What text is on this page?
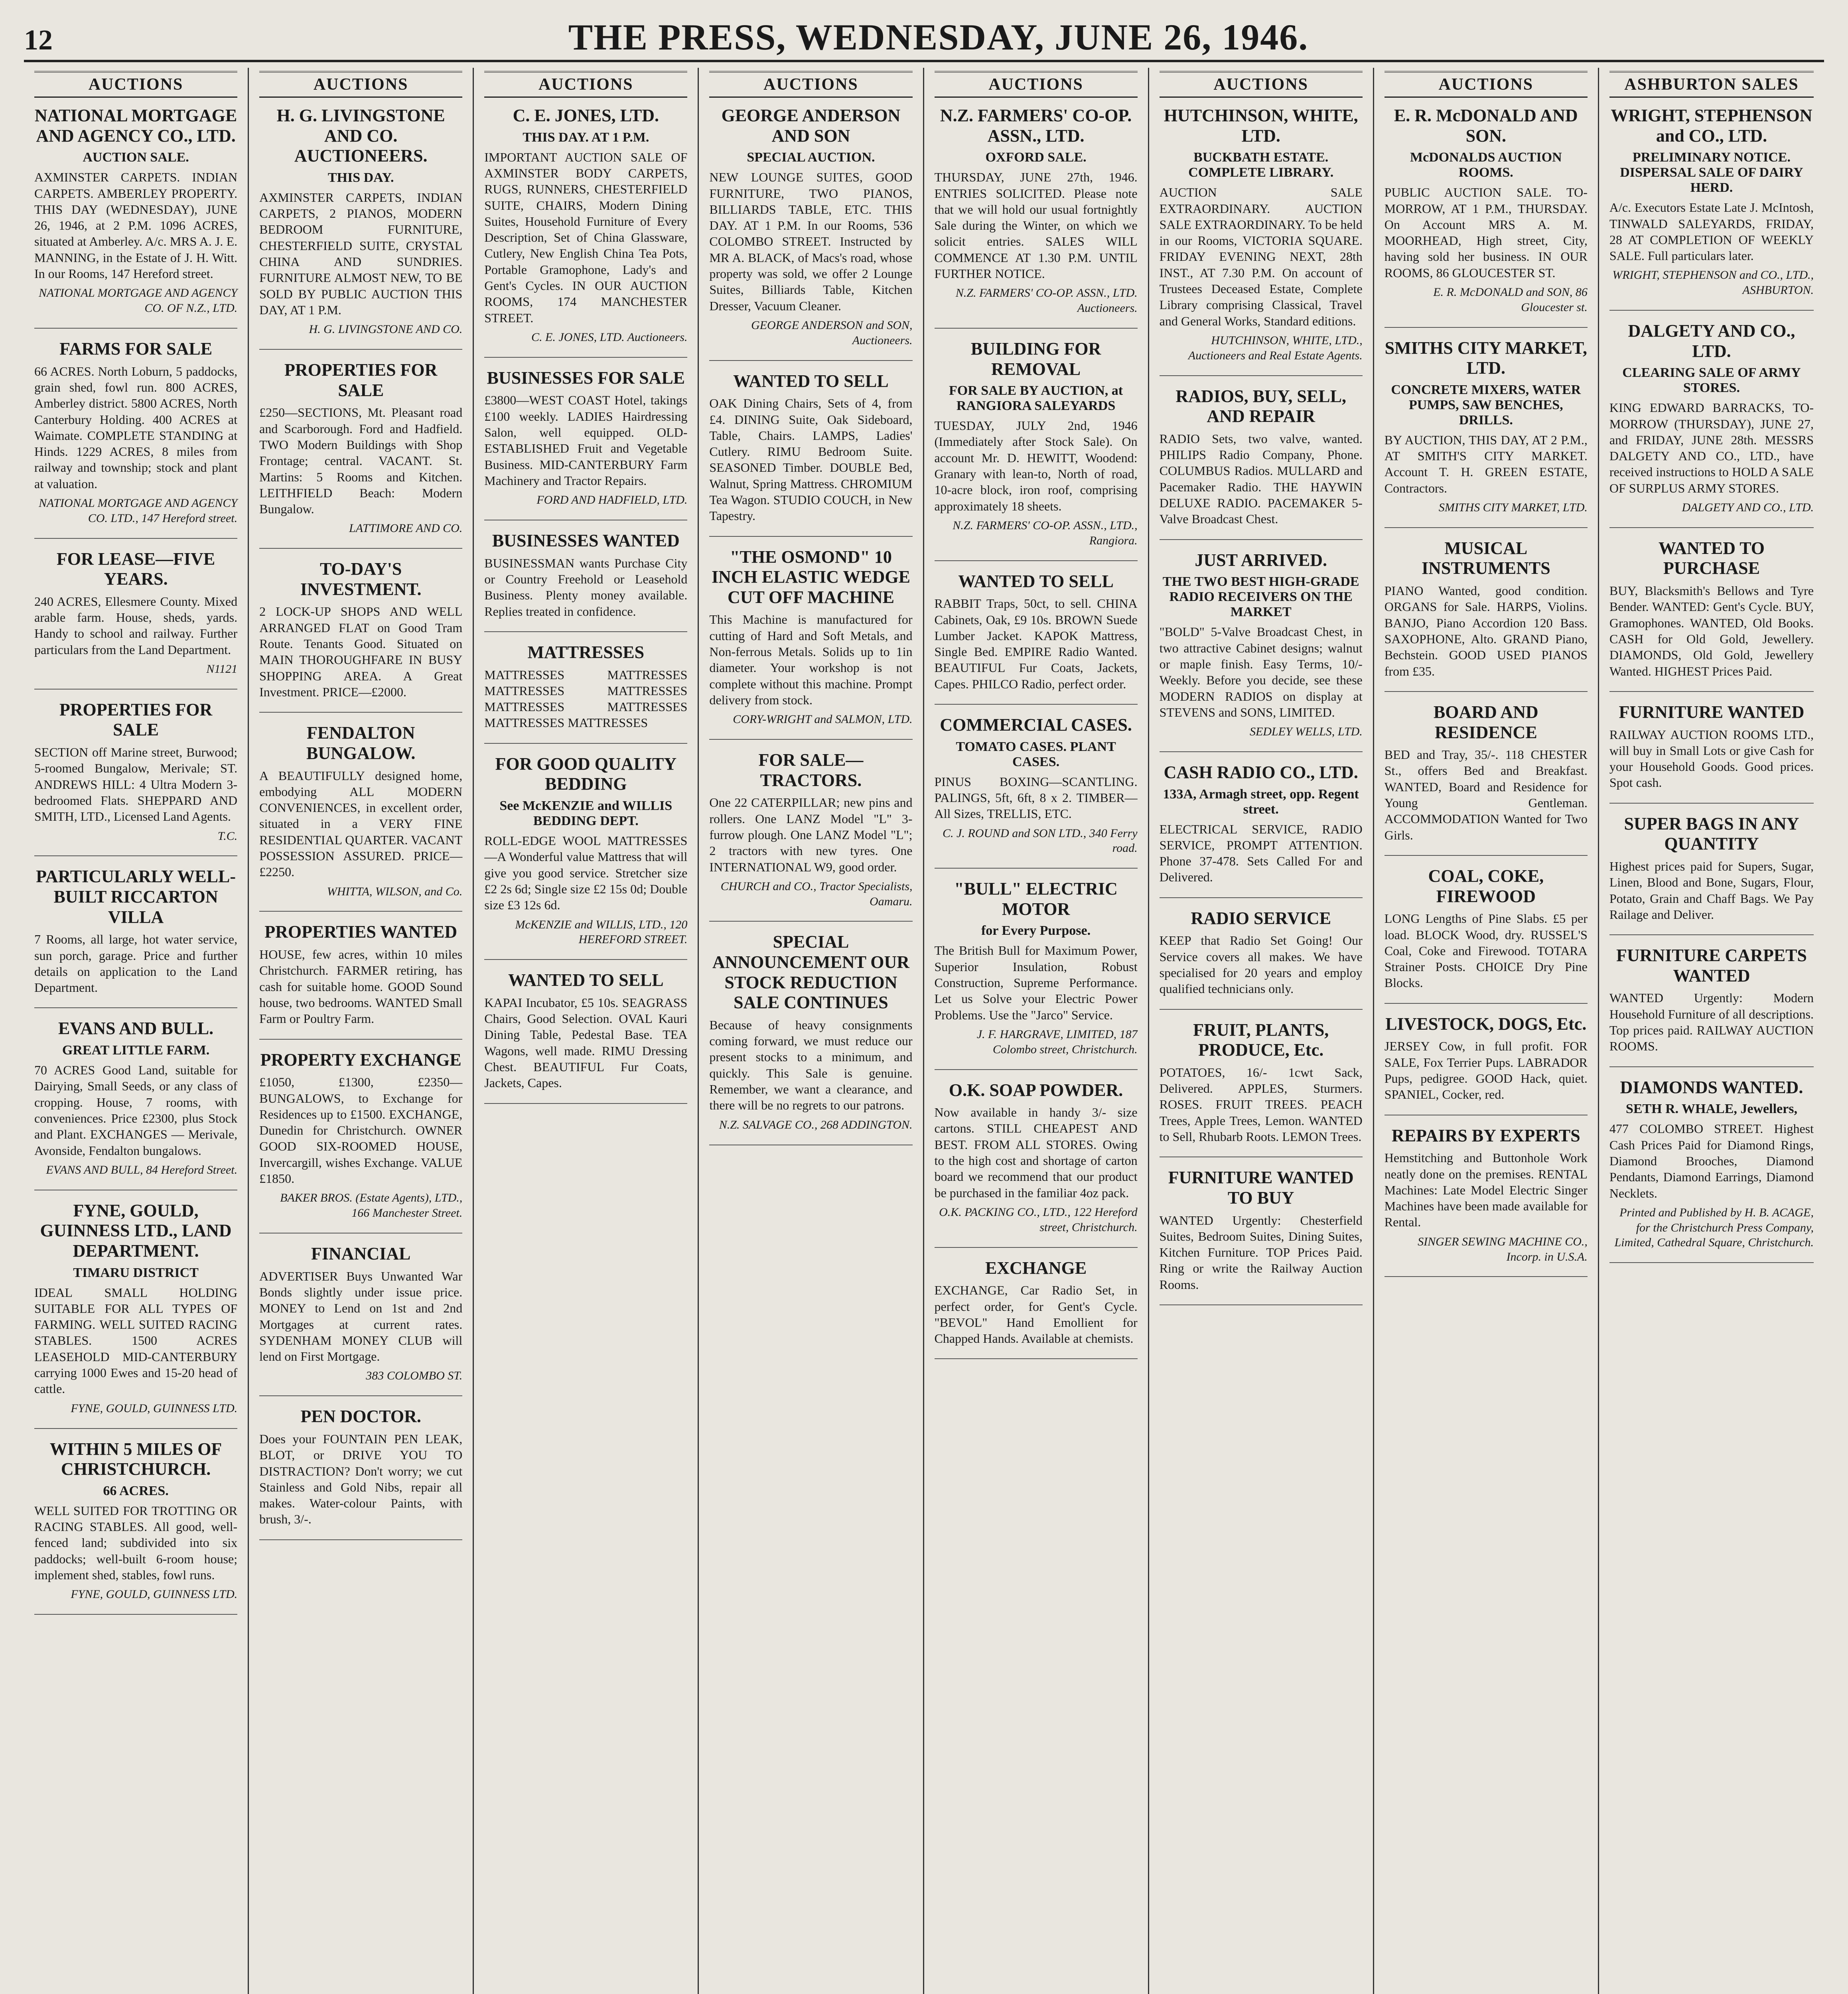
12	THE PRESS, WEDNESDAY, JUNE 26, 1946.
AUCTIONS
NATIONAL MORTGAGE AND AGENCY CO., LTD.
AUCTION SALE.

AXMINSTER CARPETS. INDIAN CARPETS. AMBERLEY PROPERTY. THIS DAY (WEDNESDAY), JUNE 26, 1946, at 2 P.M. 1096 ACRES, situated at Amberley. A/c. MRS A. J. E. MANNING, in the Estate of J. H. Witt. In our Rooms, 147 Hereford street.

NATIONAL MORTGAGE AND AGENCY CO. OF N.Z., LTD.

FARMS FOR SALE

66 ACRES. North Loburn, 5 paddocks, grain shed, fowl run. 800 ACRES, Amberley district. 5800 ACRES, North Canterbury Holding. 400 ACRES at Waimate. COMPLETE STANDING at Hinds. 1229 ACRES, 8 miles from railway and township; stock and plant at valuation.

NATIONAL MORTGAGE AND AGENCY CO. LTD., 147 Hereford street.

FOR LEASE—FIVE YEARS.

240 ACRES, Ellesmere County. Mixed arable farm. House, sheds, yards. Handy to school and railway. Further particulars from the Land Department.

N1121

PROPERTIES FOR SALE

SECTION off Marine street, Burwood; 5-roomed Bungalow, Merivale; ST. ANDREWS HILL: 4 Ultra Modern 3-bedroomed Flats. SHEPPARD AND SMITH, LTD., Licensed Land Agents.

T.C.

PARTICULARLY WELL-BUILT RICCARTON VILLA

7 Rooms, all large, hot water service, sun porch, garage. Price and further details on application to the Land Department.

EVANS AND BULL.
GREAT LITTLE FARM.

70 ACRES Good Land, suitable for Dairying, Small Seeds, or any class of cropping. House, 7 rooms, with conveniences. Price £2300, plus Stock and Plant. EXCHANGES — Merivale, Avonside, Fendalton bungalows.

EVANS AND BULL, 84 Hereford Street.

FYNE, GOULD, GUINNESS LTD., LAND DEPARTMENT.
TIMARU DISTRICT

IDEAL SMALL HOLDING SUITABLE FOR ALL TYPES OF FARMING. WELL SUITED RACING STABLES. 1500 ACRES LEASEHOLD MID-CANTERBURY carrying 1000 Ewes and 15-20 head of cattle.

FYNE, GOULD, GUINNESS LTD.

WITHIN 5 MILES OF CHRISTCHURCH.
66 ACRES.

WELL SUITED FOR TROTTING OR RACING STABLES. All good, well-fenced land; subdivided into six paddocks; well-built 6-room house; implement shed, stables, fowl runs.

FYNE, GOULD, GUINNESS LTD.

AUCTIONS
H. G. LIVINGSTONE AND CO. AUCTIONEERS.
THIS DAY.

AXMINSTER CARPETS, INDIAN CARPETS, 2 PIANOS, MODERN BEDROOM FURNITURE, CHESTERFIELD SUITE, CRYSTAL CHINA AND SUNDRIES. FURNITURE ALMOST NEW, TO BE SOLD BY PUBLIC AUCTION THIS DAY, AT 1 P.M.

H. G. LIVINGSTONE AND CO.

PROPERTIES FOR SALE

£250—SECTIONS, Mt. Pleasant road and Scarborough. Ford and Hadfield. TWO Modern Buildings with Shop Frontage; central. VACANT. St. Martins: 5 Rooms and Kitchen. LEITHFIELD Beach: Modern Bungalow.

LATTIMORE AND CO.

TO-DAY'S INVESTMENT.

2 LOCK-UP SHOPS AND WELL ARRANGED FLAT on Good Tram Route. Tenants Good. Situated on MAIN THOROUGHFARE IN BUSY SHOPPING AREA. A Great Investment. PRICE—£2000.

FENDALTON BUNGALOW.

A BEAUTIFULLY designed home, embodying ALL MODERN CONVENIENCES, in excellent order, situated in a VERY FINE RESIDENTIAL QUARTER. VACANT POSSESSION ASSURED. PRICE—£2250.

WHITTA, WILSON, and Co.

PROPERTIES WANTED

HOUSE, few acres, within 10 miles Christchurch. FARMER retiring, has cash for suitable home. GOOD Sound house, two bedrooms. WANTED Small Farm or Poultry Farm.

PROPERTY EXCHANGE

£1050, £1300, £2350—BUNGALOWS, to Exchange for Residences up to £1500. EXCHANGE, Dunedin for Christchurch. OWNER GOOD SIX-ROOMED HOUSE, Invercargill, wishes Exchange. VALUE £1850.

BAKER BROS. (Estate Agents), LTD., 166 Manchester Street.

FINANCIAL

ADVERTISER Buys Unwanted War Bonds slightly under issue price. MONEY to Lend on 1st and 2nd Mortgages at current rates. SYDENHAM MONEY CLUB will lend on First Mortgage.

383 COLOMBO ST.

PEN DOCTOR.

Does your FOUNTAIN PEN LEAK, BLOT, or DRIVE YOU TO DISTRACTION? Don't worry; we cut Stainless and Gold Nibs, repair all makes. Water-colour Paints, with brush, 3/-.

AUCTIONS
C. E. JONES, LTD.
THIS DAY. AT 1 P.M.

IMPORTANT AUCTION SALE OF AXMINSTER BODY CARPETS, RUGS, RUNNERS, CHESTERFIELD SUITE, CHAIRS, Modern Dining Suites, Household Furniture of Every Description, Set of China Glassware, Cutlery, New English China Tea Pots, Portable Gramophone, Lady's and Gent's Cycles. IN OUR AUCTION ROOMS, 174 MANCHESTER STREET.

C. E. JONES, LTD. Auctioneers.

BUSINESSES FOR SALE

£3800—WEST COAST Hotel, takings £100 weekly. LADIES Hairdressing Salon, well equipped. OLD-ESTABLISHED Fruit and Vegetable Business. MID-CANTERBURY Farm Machinery and Tractor Repairs.

FORD AND HADFIELD, LTD.

BUSINESSES WANTED

BUSINESSMAN wants Purchase City or Country Freehold or Leasehold Business. Plenty money available. Replies treated in confidence.

MATTRESSES

MATTRESSES MATTRESSES MATTRESSES MATTRESSES MATTRESSES MATTRESSES MATTRESSES MATTRESSES

FOR GOOD QUALITY BEDDING
See McKENZIE and WILLIS BEDDING DEPT.

ROLL-EDGE WOOL MATTRESSES—A Wonderful value Mattress that will give you good service. Stretcher size £2 2s 6d; Single size £2 15s 0d; Double size £3 12s 6d.

McKENZIE and WILLIS, LTD., 120 HEREFORD STREET.

WANTED TO SELL

KAPAI Incubator, £5 10s. SEAGRASS Chairs, Good Selection. OVAL Kauri Dining Table, Pedestal Base. TEA Wagons, well made. RIMU Dressing Chest. BEAUTIFUL Fur Coats, Jackets, Capes.

AUCTIONS
GEORGE ANDERSON AND SON
SPECIAL AUCTION.

NEW LOUNGE SUITES, GOOD FURNITURE, TWO PIANOS, BILLIARDS TABLE, ETC. THIS DAY. AT 1 P.M. In our Rooms, 536 COLOMBO STREET. Instructed by MR A. BLACK, of Macs's road, whose property was sold, we offer 2 Lounge Suites, Billiards Table, Kitchen Dresser, Vacuum Cleaner.

GEORGE ANDERSON and SON, Auctioneers.

WANTED TO SELL

OAK Dining Chairs, Sets of 4, from £4. DINING Suite, Oak Sideboard, Table, Chairs. LAMPS, Ladies' Cutlery. RIMU Bedroom Suite. SEASONED Timber. DOUBLE Bed, Walnut, Spring Mattress. CHROMIUM Tea Wagon. STUDIO COUCH, in New Tapestry.

"THE OSMOND" 10 INCH ELASTIC WEDGE CUT OFF MACHINE

This Machine is manufactured for cutting of Hard and Soft Metals, and Non-ferrous Metals. Solids up to 1in diameter. Your workshop is not complete without this machine. Prompt delivery from stock.

CORY-WRIGHT and SALMON, LTD.

FOR SALE—TRACTORS.

One 22 CATERPILLAR; new pins and rollers. One LANZ Model "L" 3-furrow plough. One LANZ Model "L"; 2 tractors with new tyres. One INTERNATIONAL W9, good order.

CHURCH and CO., Tractor Specialists, Oamaru.

SPECIAL ANNOUNCEMENT OUR STOCK REDUCTION SALE CONTINUES

Because of heavy consignments coming forward, we must reduce our present stocks to a minimum, and quickly. This Sale is genuine. Remember, we want a clearance, and there will be no regrets to our patrons.

N.Z. SALVAGE CO., 268 ADDINGTON.

AUCTIONS
N.Z. FARMERS' CO-OP. ASSN., LTD.
OXFORD SALE.

THURSDAY, JUNE 27th, 1946. ENTRIES SOLICITED. Please note that we will hold our usual fortnightly Sale during the Winter, on which we solicit entries. SALES WILL COMMENCE AT 1.30 P.M. UNTIL FURTHER NOTICE.

N.Z. FARMERS' CO-OP. ASSN., LTD. Auctioneers.

BUILDING FOR REMOVAL
FOR SALE BY AUCTION, at RANGIORA SALEYARDS

TUESDAY, JULY 2nd, 1946 (Immediately after Stock Sale). On account Mr. D. HEWITT, Woodend: Granary with lean-to, North of road, 10-acre block, iron roof, comprising approximately 18 sheets.

N.Z. FARMERS' CO-OP. ASSN., LTD., Rangiora.

WANTED TO SELL

RABBIT Traps, 50ct, to sell. CHINA Cabinets, Oak, £9 10s. BROWN Suede Lumber Jacket. KAPOK Mattress, Single Bed. EMPIRE Radio Wanted. BEAUTIFUL Fur Coats, Jackets, Capes. PHILCO Radio, perfect order.

COMMERCIAL CASES.
TOMATO CASES. PLANT CASES.

PINUS BOXING—SCANTLING. PALINGS, 5ft, 6ft, 8 x 2. TIMBER—All Sizes, TRELLIS, ETC.

C. J. ROUND and SON LTD., 340 Ferry road.

"BULL" ELECTRIC MOTOR
for Every Purpose.

The British Bull for Maximum Power, Superior Insulation, Robust Construction, Supreme Performance. Let us Solve your Electric Power Problems. Use the "Jarco" Service.

J. F. HARGRAVE, LIMITED, 187 Colombo street, Christchurch.

O.K. SOAP POWDER.

Now available in handy 3/- size cartons. STILL CHEAPEST AND BEST. FROM ALL STORES. Owing to the high cost and shortage of carton board we recommend that our product be purchased in the familiar 4oz pack.

O.K. PACKING CO., LTD., 122 Hereford street, Christchurch.

EXCHANGE

EXCHANGE, Car Radio Set, in perfect order, for Gent's Cycle. "BEVOL" Hand Emollient for Chapped Hands. Available at chemists.

AUCTIONS
HUTCHINSON, WHITE, LTD.
BUCKBATH ESTATE. COMPLETE LIBRARY.

AUCTION SALE EXTRAORDINARY. AUCTION SALE EXTRAORDINARY. To be held in our Rooms, VICTORIA SQUARE. FRIDAY EVENING NEXT, 28th INST., AT 7.30 P.M. On account of Trustees Deceased Estate, Complete Library comprising Classical, Travel and General Works, Standard editions.

HUTCHINSON, WHITE, LTD., Auctioneers and Real Estate Agents.

RADIOS, BUY, SELL, AND REPAIR

RADIO Sets, two valve, wanted. PHILIPS Radio Company, Phone. COLUMBUS Radios. MULLARD and Pacemaker Radio. THE HAYWIN DELUXE RADIO. PACEMAKER 5-Valve Broadcast Chest.

JUST ARRIVED.
THE TWO BEST HIGH-GRADE RADIO RECEIVERS ON THE MARKET

"BOLD" 5-Valve Broadcast Chest, in two attractive Cabinet designs; walnut or maple finish. Easy Terms, 10/- Weekly. Before you decide, see these MODERN RADIOS on display at STEVENS and SONS, LIMITED.

SEDLEY WELLS, LTD.

CASH RADIO CO., LTD.
133A, Armagh street, opp. Regent street.

ELECTRICAL SERVICE, RADIO SERVICE, PROMPT ATTENTION. Phone 37-478. Sets Called For and Delivered.

RADIO SERVICE

KEEP that Radio Set Going! Our Service covers all makes. We have specialised for 20 years and employ qualified technicians only.

FRUIT, PLANTS, PRODUCE, Etc.

POTATOES, 16/- 1cwt Sack, Delivered. APPLES, Sturmers. ROSES. FRUIT TREES. PEACH Trees, Apple Trees, Lemon. WANTED to Sell, Rhubarb Roots. LEMON Trees.

FURNITURE WANTED TO BUY

WANTED Urgently: Chesterfield Suites, Bedroom Suites, Dining Suites, Kitchen Furniture. TOP Prices Paid. Ring or write the Railway Auction Rooms.

AUCTIONS
E. R. McDONALD AND SON.
McDONALDS AUCTION ROOMS.

PUBLIC AUCTION SALE. TO-MORROW, AT 1 P.M., THURSDAY. On Account MRS A. M. MOORHEAD, High street, City, having sold her business. IN OUR ROOMS, 86 GLOUCESTER ST.

E. R. McDONALD and SON, 86 Gloucester st.

SMITHS CITY MARKET, LTD.
CONCRETE MIXERS, WATER PUMPS, SAW BENCHES, DRILLS.

BY AUCTION, THIS DAY, AT 2 P.M., AT SMITH'S CITY MARKET. Account T. H. GREEN ESTATE, Contractors.

SMITHS CITY MARKET, LTD.

MUSICAL INSTRUMENTS

PIANO Wanted, good condition. ORGANS for Sale. HARPS, Violins. BANJO, Piano Accordion 120 Bass. SAXOPHONE, Alto. GRAND Piano, Bechstein. GOOD USED PIANOS from £35.

BOARD AND RESIDENCE

BED and Tray, 35/-. 118 CHESTER St., offers Bed and Breakfast. WANTED, Board and Residence for Young Gentleman. ACCOMMODATION Wanted for Two Girls.

COAL, COKE, FIREWOOD

LONG Lengths of Pine Slabs. £5 per load. BLOCK Wood, dry. RUSSEL'S Coal, Coke and Firewood. TOTARA Strainer Posts. CHOICE Dry Pine Blocks.

LIVESTOCK, DOGS, Etc.

JERSEY Cow, in full profit. FOR SALE, Fox Terrier Pups. LABRADOR Pups, pedigree. GOOD Hack, quiet. SPANIEL, Cocker, red.

REPAIRS BY EXPERTS

Hemstitching and Buttonhole Work neatly done on the premises. RENTAL Machines: Late Model Electric Singer Machines have been made available for Rental.

SINGER SEWING MACHINE CO., Incorp. in U.S.A.

ASHBURTON SALES
WRIGHT, STEPHENSON and CO., LTD.
PRELIMINARY NOTICE. DISPERSAL SALE OF DAIRY HERD.

A/c. Executors Estate Late J. McIntosh, TINWALD SALEYARDS, FRIDAY, 28 AT COMPLETION OF WEEKLY SALE. Full particulars later.

WRIGHT, STEPHENSON and CO., LTD., ASHBURTON.

DALGETY AND CO., LTD.
CLEARING SALE OF ARMY STORES.

KING EDWARD BARRACKS, TO-MORROW (THURSDAY), JUNE 27, and FRIDAY, JUNE 28th. MESSRS DALGETY AND CO., LTD., have received instructions to HOLD A SALE OF SURPLUS ARMY STORES.

DALGETY AND CO., LTD.

WANTED TO PURCHASE

BUY, Blacksmith's Bellows and Tyre Bender. WANTED: Gent's Cycle. BUY, Gramophones. WANTED, Old Books. CASH for Old Gold, Jewellery. DIAMONDS, Old Gold, Jewellery Wanted. HIGHEST Prices Paid.

FURNITURE WANTED

RAILWAY AUCTION ROOMS LTD., will buy in Small Lots or give Cash for your Household Goods. Good prices. Spot cash.

SUPER BAGS IN ANY QUANTITY

Highest prices paid for Supers, Sugar, Linen, Blood and Bone, Sugars, Flour, Potato, Grain and Chaff Bags. We Pay Railage and Deliver.

FURNITURE CARPETS WANTED

WANTED Urgently: Modern Household Furniture of all descriptions. Top prices paid. RAILWAY AUCTION ROOMS.

DIAMONDS WANTED.
SETH R. WHALE, Jewellers,

477 COLOMBO STREET. Highest Cash Prices Paid for Diamond Rings, Diamond Brooches, Diamond Pendants, Diamond Earrings, Diamond Necklets.

Printed and Published by H. B. ACAGE, for the Christchurch Press Company, Limited, Cathedral Square, Christchurch.
